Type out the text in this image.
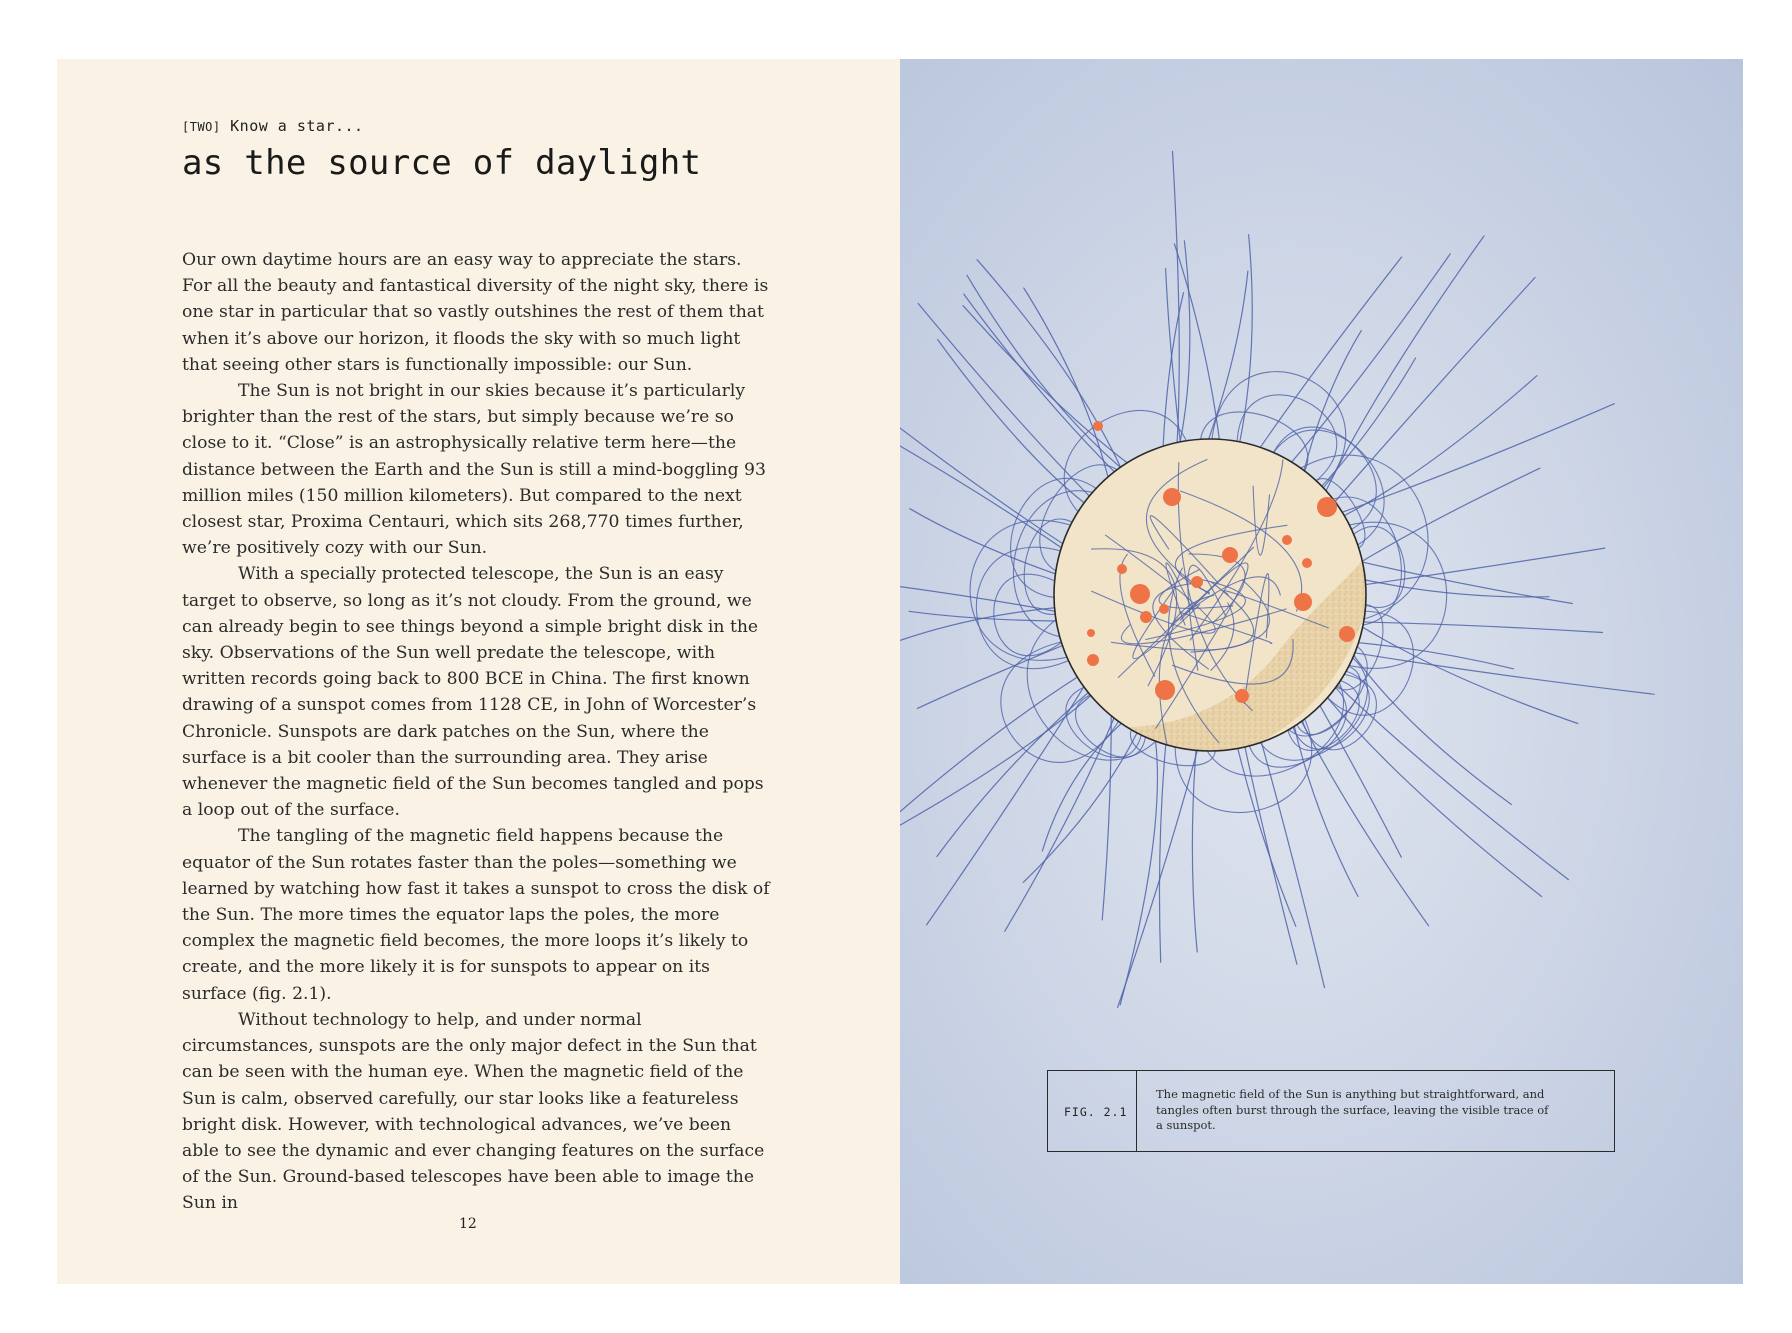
[TWO] Know a star...
as the source of daylight

Our own daytime hours are an easy way to appreciate the stars. For all the beauty and fantastical diversity of the night sky, there is one star in particular that so vastly outshines the rest of them that when it’s above our horizon, it floods the sky with so much light that seeing other stars is functionally impossible: our Sun.

The Sun is not bright in our skies because it’s particularly brighter than the rest of the stars, but simply because we’re so close to it. “Close” is an astrophysically relative term here—the distance between the Earth and the Sun is still a mind-boggling 93 million miles (150 million kilometers). But compared to the next closest star, Proxima Centauri, which sits 268,770 times further, we’re positively cozy with our Sun.

With a specially protected telescope, the Sun is an easy target to observe, so long as it’s not cloudy. From the ground, we can already begin to see things beyond a simple bright disk in the sky. Observations of the Sun well predate the telescope, with written records going back to 800 BCE in China. The first known drawing of a sunspot comes from 1128 CE, in John of Worcester’s Chronicle. Sunspots are dark patches on the Sun, where the surface is a bit cooler than the surrounding area. They arise whenever the magnetic field of the Sun becomes tangled and pops a loop out of the surface.

The tangling of the magnetic field happens because the equator of the Sun rotates faster than the poles—something we learned by watching how fast it takes a sunspot to cross the disk of the Sun. The more times the equator laps the poles, the more complex the magnetic field becomes, the more loops it’s likely to create, and the more likely it is for sunspots to appear on its surface (fig. 2.1).

Without technology to help, and under normal circumstances, sunspots are the only major defect in the Sun that can be seen with the human eye. When the magnetic field of the Sun is calm, observed carefully, our star looks like a featureless bright disk. However, with technological advances, we’ve been able to see the dynamic and ever changing features on the surface of the Sun. Ground-based telescopes have been able to image the Sun in

12
FIG. 2.1
The magnetic field of the Sun is anything but straightforward, and tangles often burst through the surface, leaving the visible trace of a sunspot.
